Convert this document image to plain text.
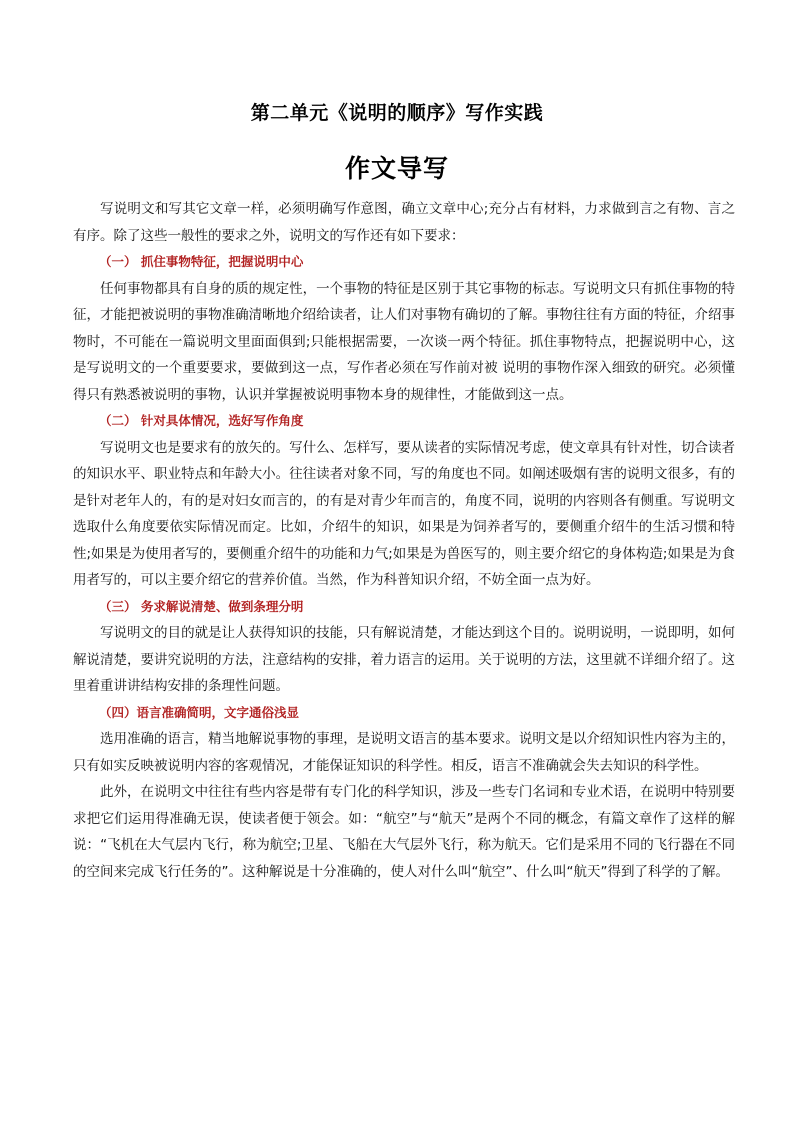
第二单元《说明的顺序》写作实践
作文导写

写说明文和写其它文章一样，必须明确写作意图，确立文章中心;充分占有材料，力求做到言之有物、言之有序。除了这些一般性的要求之外，说明文的写作还有如下要求：

（一） 抓住事物特征，把握说明中心

任何事物都具有自身的质的规定性，一个事物的特征是区别于其它事物的标志。写说明文只有抓住事物的特征，才能把被说明的事物准确清晰地介绍给读者，让人们对事物有确切的了解。事物往往有方面的特征，介绍事物时，不可能在一篇说明文里面面俱到;只能根据需要，一次谈一两个特征。抓住事物特点，把握说明中心，这是写说明文的一个重要要求，要做到这一点，写作者必须在写作前对被 说明的事物作深入细致的研究。必须懂得只有熟悉被说明的事物，认识并掌握被说明事物本身的规律性，才能做到这一点。

（二） 针对具体情况，选好写作角度

写说明文也是要求有的放矢的。写什么、怎样写，要从读者的实际情况考虑，使文章具有针对性，切合读者的知识水平、职业特点和年龄大小。往往读者对象不同，写的角度也不同。如阐述吸烟有害的说明文很多，有的是针对老年人的，有的是对妇女而言的，的有是对青少年而言的，角度不同，说明的内容则各有侧重。写说明文选取什么角度要依实际情况而定。比如，介绍牛的知识，如果是为饲养者写的，要侧重介绍牛的生活习惯和特性;如果是为使用者写的，要侧重介绍牛的功能和力气;如果是为兽医写的，则主要介绍它的身体构造;如果是为食用者写的，可以主要介绍它的营养价值。当然，作为科普知识介绍，不妨全面一点为好。

（三） 务求解说清楚、做到条理分明

写说明文的目的就是让人获得知识的技能，只有解说清楚，才能达到这个目的。说明说明，一说即明，如何解说清楚，要讲究说明的方法，注意结构的安排，着力语言的运用。关于说明的方法，这里就不详细介绍了。这里着重讲讲结构安排的条理性问题。

（四）语言准确简明，文字通俗浅显

选用准确的语言，精当地解说事物的事理，是说明文语言的基本要求。说明文是以介绍知识性内容为主的，只有如实反映被说明内容的客观情况，才能保证知识的科学性。相反，语言不准确就会失去知识的科学性。

此外，在说明文中往往有些内容是带有专门化的科学知识，涉及一些专门名词和专业术语，在说明中特别要求把它们运用得准确无误，使读者便于领会。如：“航空”与“航天”是两个不同的概念，有篇文章作了这样的解说：“飞机在大气层内飞行，称为航空;卫星、飞船在大气层外飞行，称为航天。它们是采用不同的飞行器在不同的空间来完成飞行任务的”。这种解说是十分准确的，使人对什么叫“航空”、什么叫“航天”得到了科学的了解。
